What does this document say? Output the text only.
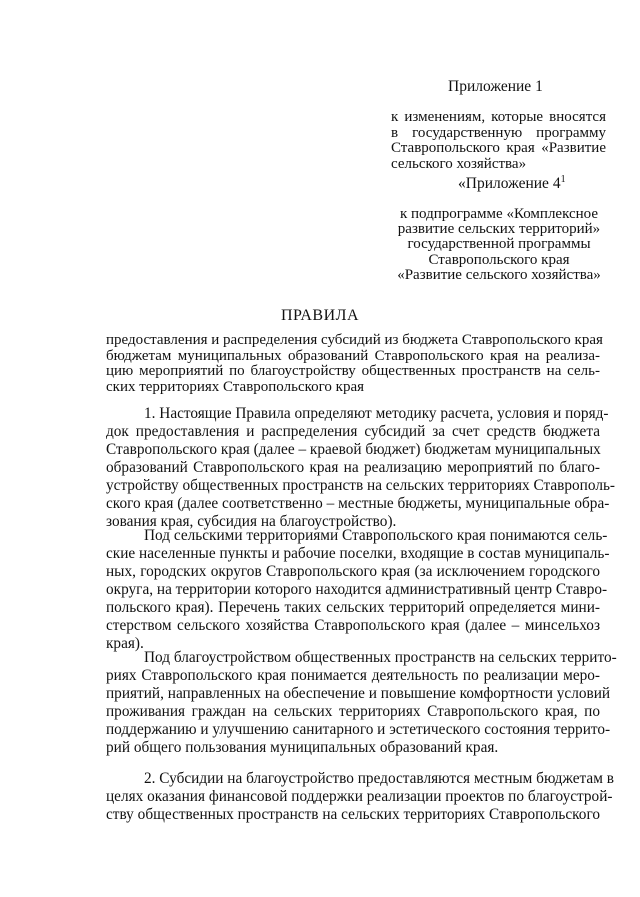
Приложение 1
к изменениям, которые вносятся
в государственную программу
Ставропольского края «Развитие
сельского хозяйства»
«Приложение $4^1$
к подпрограмме «Комплексное
развитие сельских территорий»
государственной программы
Ставропольского края
«Развитие сельского хозяйства»
ПРАВИЛА
предоставления и распределения субсидий из бюджета Ставропольского края
бюджетам муниципальных образований Ставропольского края на реализа-
цию мероприятий по благоустройству общественных пространств на сель-
ских территориях Ставропольского края
1. Настоящие Правила определяют методику расчета, условия и поряд-
док предоставления и распределения субсидий за счет средств бюджета
Ставропольского края (далее – краевой бюджет) бюджетам муниципальных
образований Ставропольского края на реализацию мероприятий по благо-
устройству общественных пространств на сельских территориях Ставрополь-
ского края (далее соответственно – местные бюджеты, муниципальные обра-
зования края, субсидия на благоустройство).
Под сельскими территориями Ставропольского края понимаются сель-
ские населенные пункты и рабочие поселки, входящие в состав муниципаль-
ных, городских округов Ставропольского края (за исключением городского
округа, на территории которого находится административный центр Ставро-
польского края). Перечень таких сельских территорий определяется мини-
стерством сельского хозяйства Ставропольского края (далее – минсельхоз
края).
Под благоустройством общественных пространств на сельских террито-
риях Ставропольского края понимается деятельность по реализации меро-
приятий, направленных на обеспечение и повышение комфортности условий
проживания граждан на сельских территориях Ставропольского края, по
поддержанию и улучшению санитарного и эстетического состояния террито-
рий общего пользования муниципальных образований края.
2. Субсидии на благоустройство предоставляются местным бюджетам в
целях оказания финансовой поддержки реализации проектов по благоустрой-
ству общественных пространств на сельских территориях Ставропольского
